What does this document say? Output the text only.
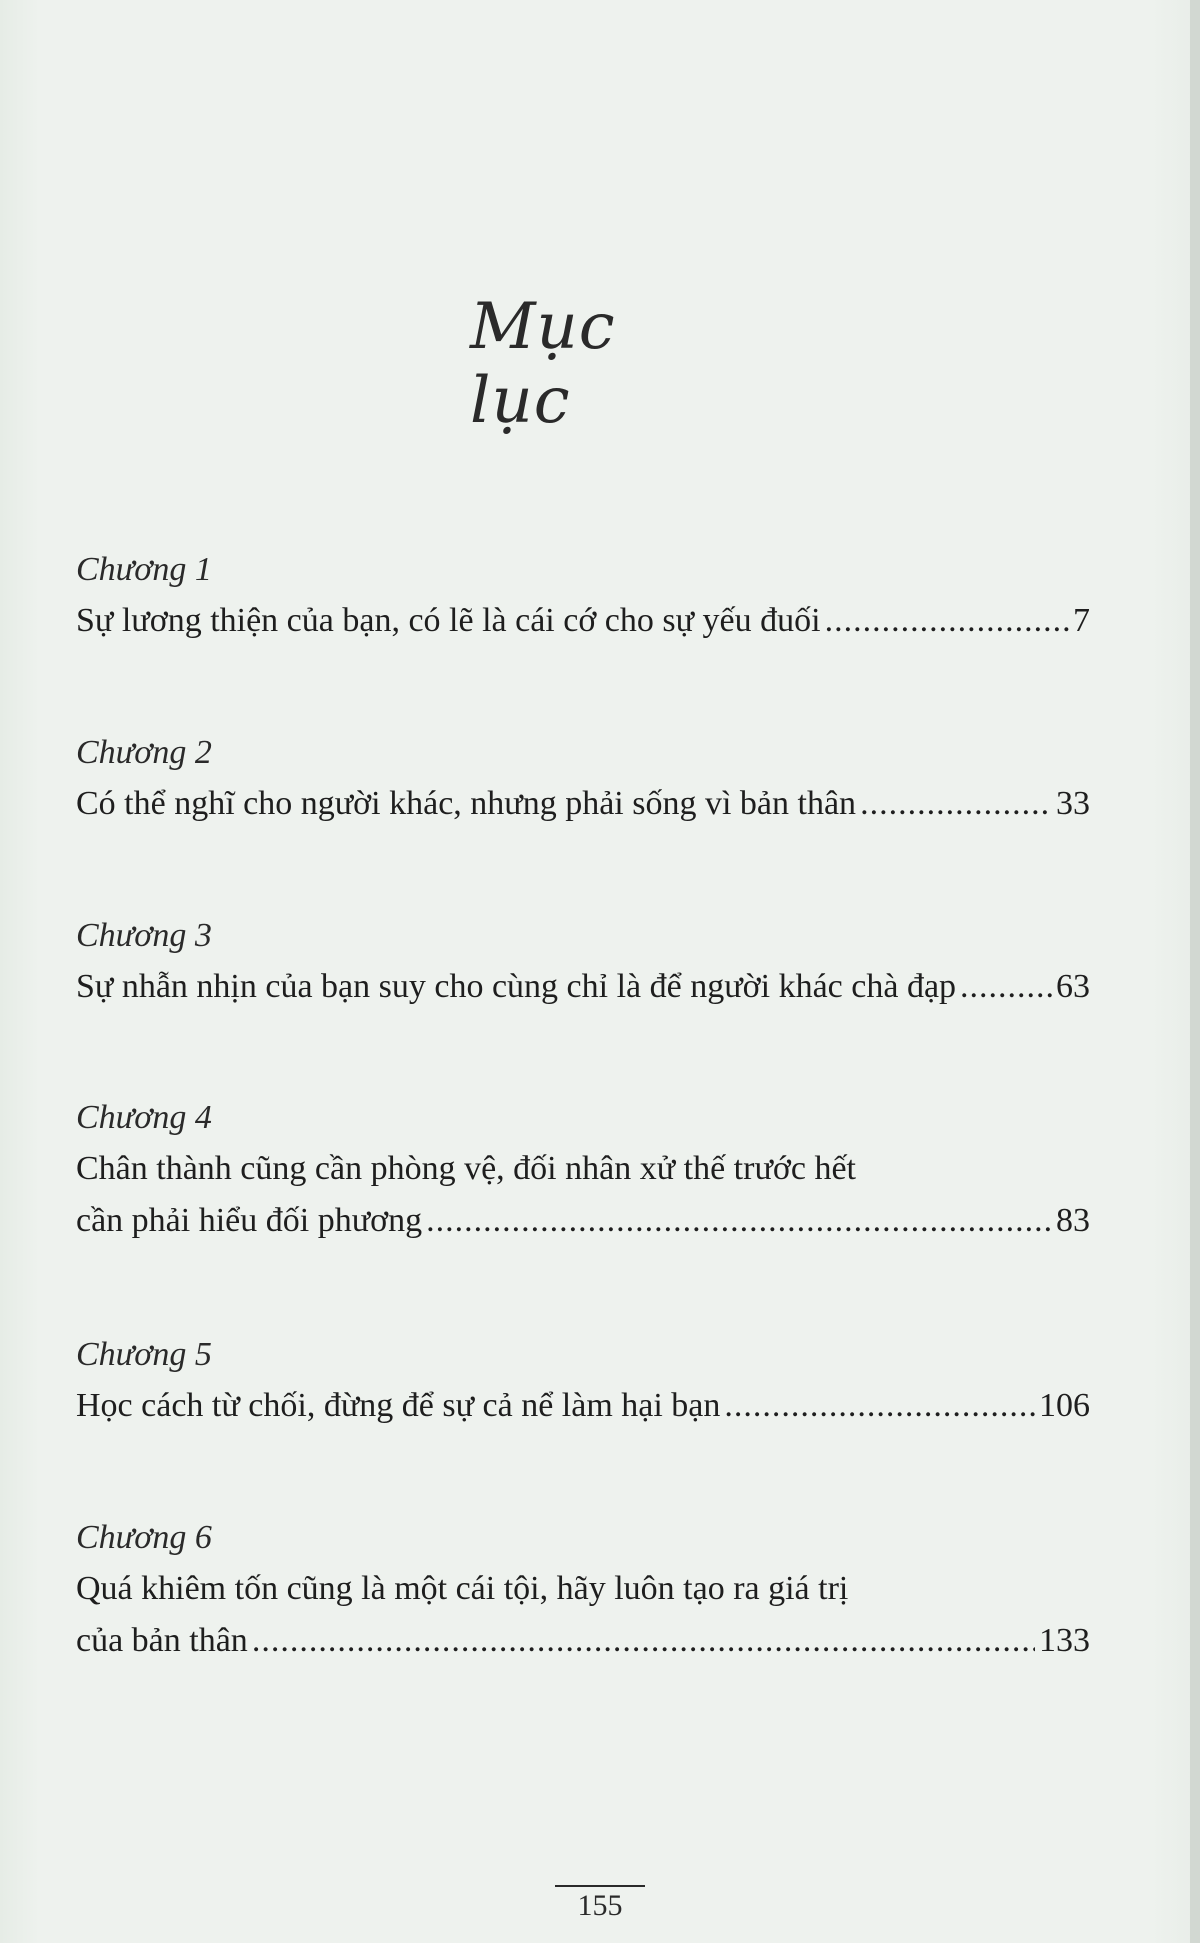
Mục lục
Chương 1
Sự lương thiện của bạn, có lẽ là cái cớ cho sự yếu đuối .....	7
Chương 2
Có thể nghĩ cho người khác, nhưng phải sống vì bản thân .....	33
Chương 3
Sự nhẫn nhịn của bạn suy cho cùng chỉ là để người khác chà đạp .....	63
Chương 4
Chân thành cũng cần phòng vệ, đối nhân xử thế trước hết
cần phải hiểu đối phương .....	83
Chương 5
Học cách từ chối, đừng để sự cả nể làm hại bạn .....	106
Chương 6
Quá khiêm tốn cũng là một cái tội, hãy luôn tạo ra giá trị
của bản thân .....	133
155
